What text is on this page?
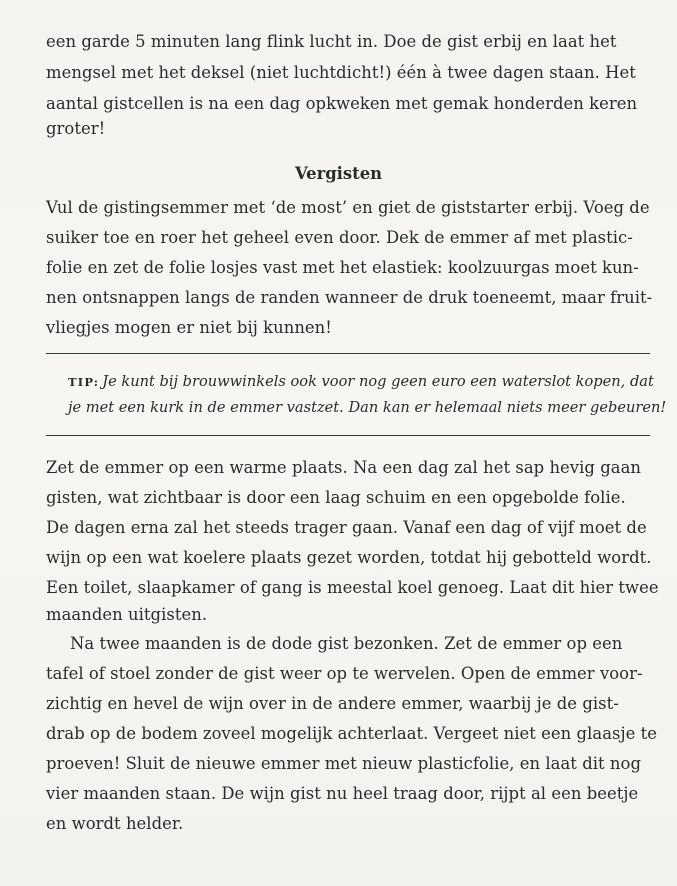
een garde 5 minuten lang flink lucht in. Doe de gist erbij en laat het
mengsel met het deksel (niet luchtdicht!) één à twee dagen staan. Het
aantal gistcellen is na een dag opkweken met gemak honderden keren
groter!
Vergisten
Vul de gistingsemmer met ‘de most’ en giet de giststarter erbij. Voeg de
suiker toe en roer het geheel even door. Dek de emmer af met plastic-
folie en zet de folie losjes vast met het elastiek: koolzuurgas moet kun-
nen ontsnappen langs de randen wanneer de druk toeneemt, maar fruit-
vliegjes mogen er niet bij kunnen!
TIP: Je kunt bij brouwwinkels ook voor nog geen euro een waterslot kopen, dat
je met een kurk in de emmer vastzet. Dan kan er helemaal niets meer gebeuren!
Zet de emmer op een warme plaats. Na een dag zal het sap hevig gaan
gisten, wat zichtbaar is door een laag schuim en een opgebolde folie.
De dagen erna zal het steeds trager gaan. Vanaf een dag of vijf moet de
wijn op een wat koelere plaats gezet worden, totdat hij gebotteld wordt.
Een toilet, slaapkamer of gang is meestal koel genoeg. Laat dit hier twee
maanden uitgisten.
Na twee maanden is de dode gist bezonken. Zet de emmer op een
tafel of stoel zonder de gist weer op te wervelen. Open de emmer voor-
zichtig en hevel de wijn over in de andere emmer, waarbij je de gist-
drab op de bodem zoveel mogelijk achterlaat. Vergeet niet een glaasje te
proeven! Sluit de nieuwe emmer met nieuw plasticfolie, en laat dit nog
vier maanden staan. De wijn gist nu heel traag door, rijpt al een beetje
en wordt helder.
